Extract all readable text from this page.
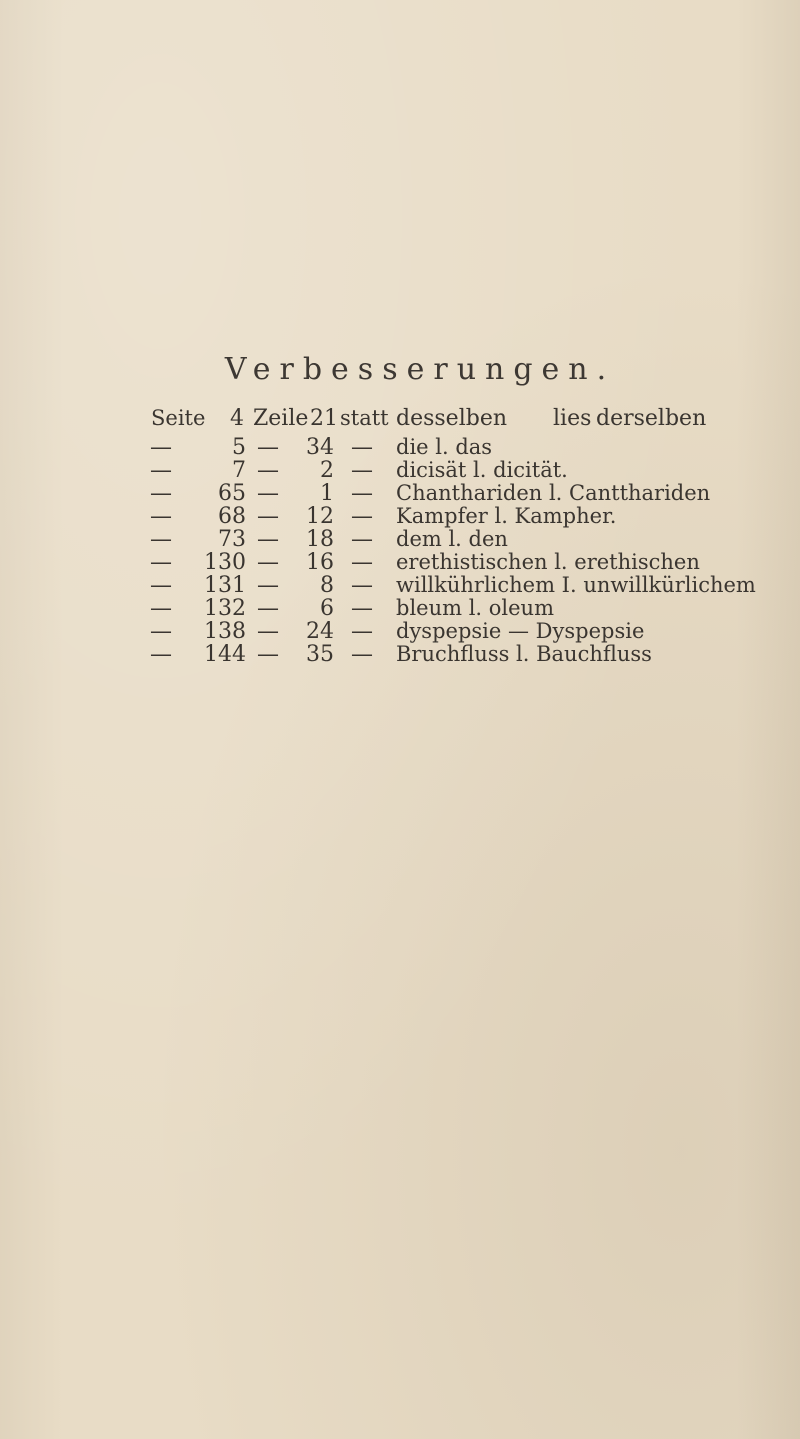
Verbesserungen.
Seite 4 Zeile 21 statt desselben lies derselben
—	5 —	34 —	die l. das
—	7 —	2 —	dicisät l. dicität.
—	65 —	1 —	Chanthariden l. Cantthariden
—	68 —	12 —	Kampfer l. Kampher.
—	73 —	18 —	dem l. den
—	130 —	16 —	erethistischen l. erethischen
—	131 —	8 —	willkührlichem I. unwillkürlichem
—	132 —	6 —	bleum l. oleum
—	138 —	24 —	dyspepsie — Dyspepsie
—	144 —	35 —	Bruchfluss l. Bauchfluss
